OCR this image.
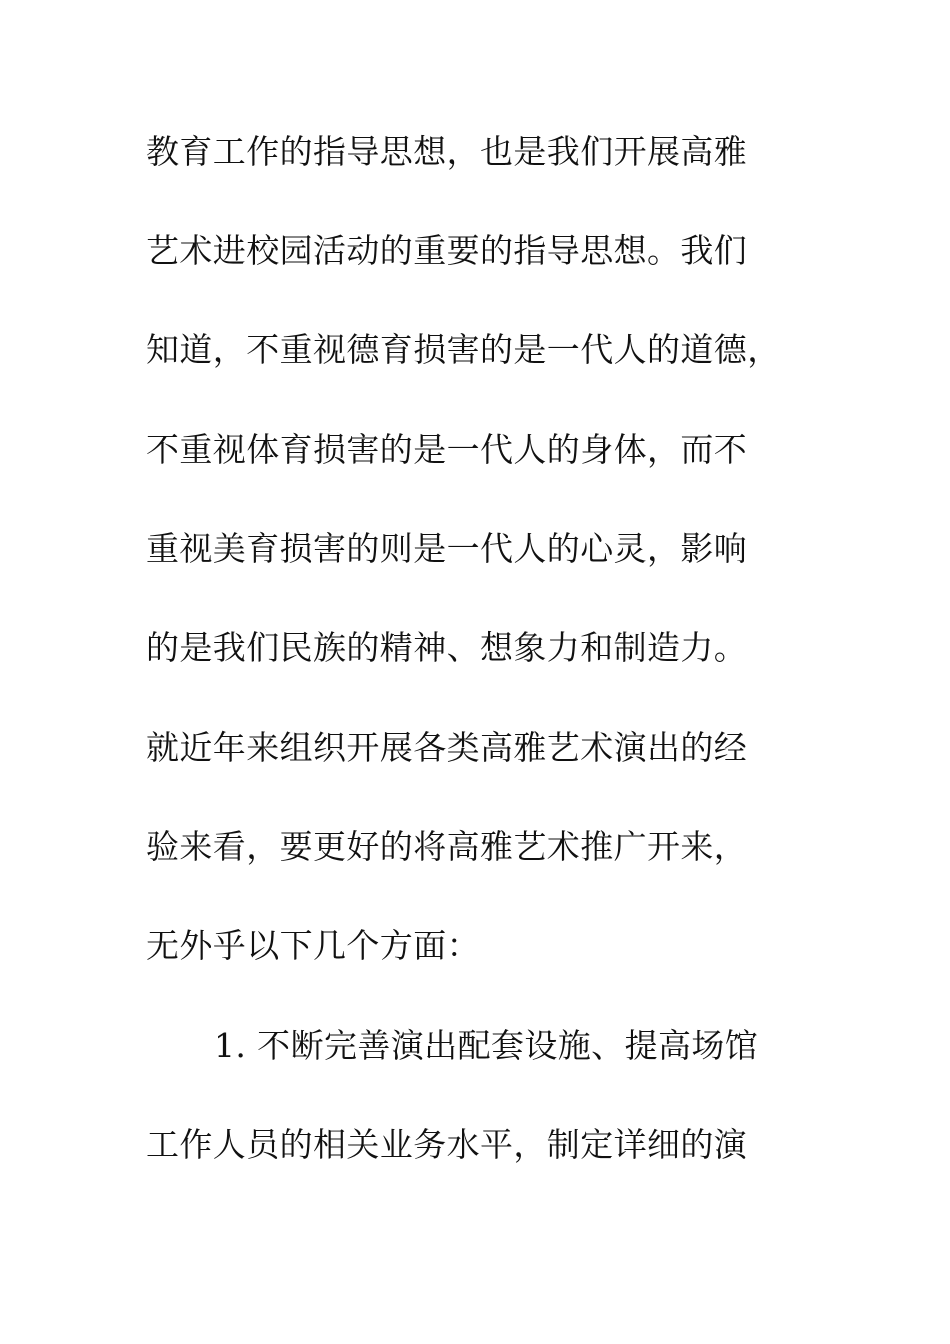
教育工作的指导思想，也是我们开展高雅
艺术进校园活动的重要的指导思想。我们
知道，不重视德育损害的是一代人的道德，
不重视体育损害的是一代人的身体，而不
重视美育损害的则是一代人的心灵，影响
的是我们民族的精神、想象力和制造力。
就近年来组织开展各类高雅艺术演出的经
验来看，要更好的将高雅艺术推广开来，
无外乎以下几个方面：
1. 不断完善演出配套设施、提高场馆
工作人员的相关业务水平，制定详细的演
